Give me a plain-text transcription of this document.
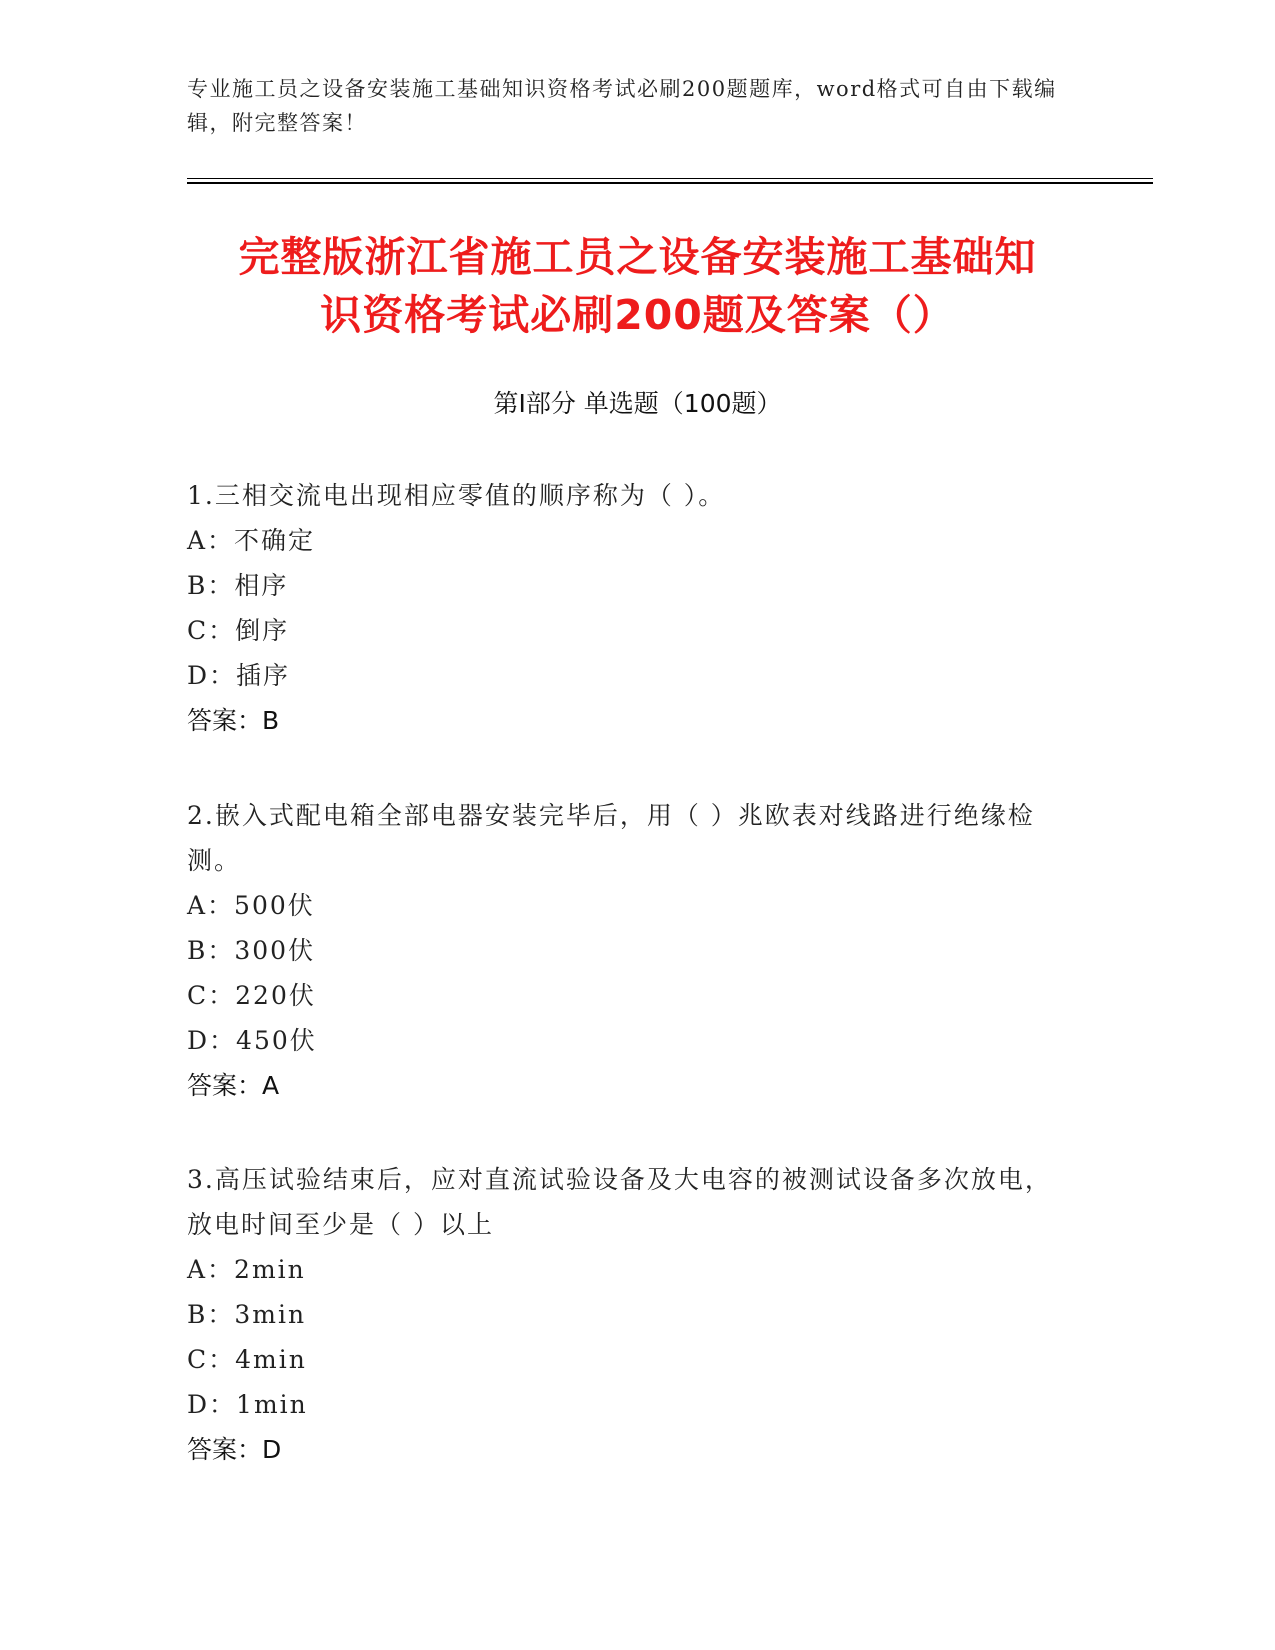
专业施工员之设备安装施工基础知识资格考试必刷200题题库，word格式可自由下载编辑，附完整答案！
完整版浙江省施工员之设备安装施工基础知
识资格考试必刷200题及答案（）
第Ⅰ部分 单选题（100题）

1.三相交流电出现相应零值的顺序称为（ ）。

A：不确定

B：相序

C：倒序

D：插序

答案：B

2.嵌入式配电箱全部电器安装完毕后，用（ ）兆欧表对线路进行绝缘检测。

A：500伏

B：300伏

C：220伏

D：450伏

答案：A

3.高压试验结束后，应对直流试验设备及大电容的被测试设备多次放电，放电时间至少是（ ）以上

A：2min

B：3min

C：4min

D：1min

答案：D
